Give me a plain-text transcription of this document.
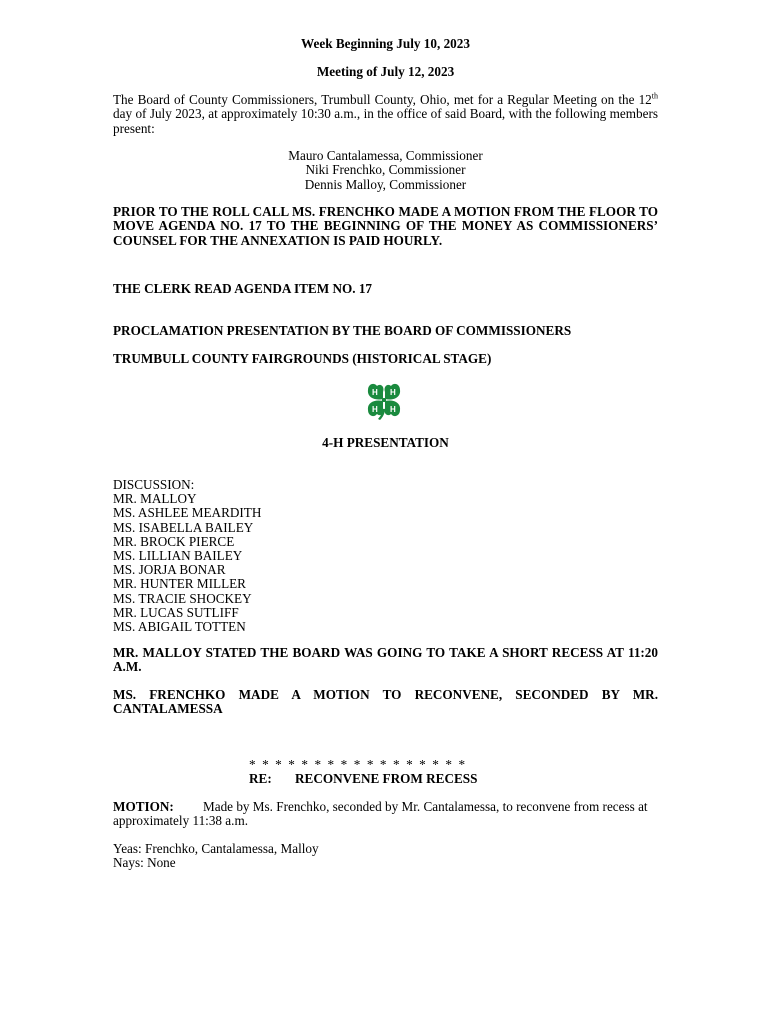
Week Beginning July 10, 2023

Meeting of July 12, 2023

The Board of County Commissioners, Trumbull County, Ohio, met for a Regular Meeting on the 12th day of July 2023, at approximately 10:30 a.m., in the office of said Board, with the following members present:

Mauro Cantalamessa, Commissioner
Niki Frenchko, Commissioner
Dennis Malloy, Commissioner

PRIOR TO THE ROLL CALL MS. FRENCHKO MADE A MOTION FROM THE FLOOR TO MOVE AGENDA NO. 17 TO THE BEGINNING OF THE MONEY AS COMMISSIONERS’ COUNSEL FOR THE ANNEXATION IS PAID HOURLY.

THE CLERK READ AGENDA ITEM NO. 17

PROCLAMATION PRESENTATION BY THE BOARD OF COMMISSIONERS

TRUMBULL COUNTY FAIRGROUNDS (HISTORICAL STAGE)

H H
H H

4-H PRESENTATION

DISCUSSION:
MR. MALLOY
MS. ASHLEE MEARDITH
MS. ISABELLA BAILEY
MR. BROCK PIERCE
MS. LILLIAN BAILEY
MS. JORJA BONAR
MR. HUNTER MILLER
MS. TRACIE SHOCKEY
MR. LUCAS SUTLIFF
MS. ABIGAIL TOTTEN

MR. MALLOY STATED THE BOARD WAS GOING TO TAKE A SHORT RECESS AT 11:20 A.M.

MS. FRENCHKO MADE A MOTION TO RECONVENE, SECONDED BY MR. CANTALAMESSA

* * * * * * * * * * * * * * * * *
RE: RECONVENE FROM RECESS

MOTION: Made by Ms. Frenchko, seconded by Mr. Cantalamessa, to reconvene from recess at approximately 11:38 a.m.

Yeas: Frenchko, Cantalamessa, Malloy
Nays: None
